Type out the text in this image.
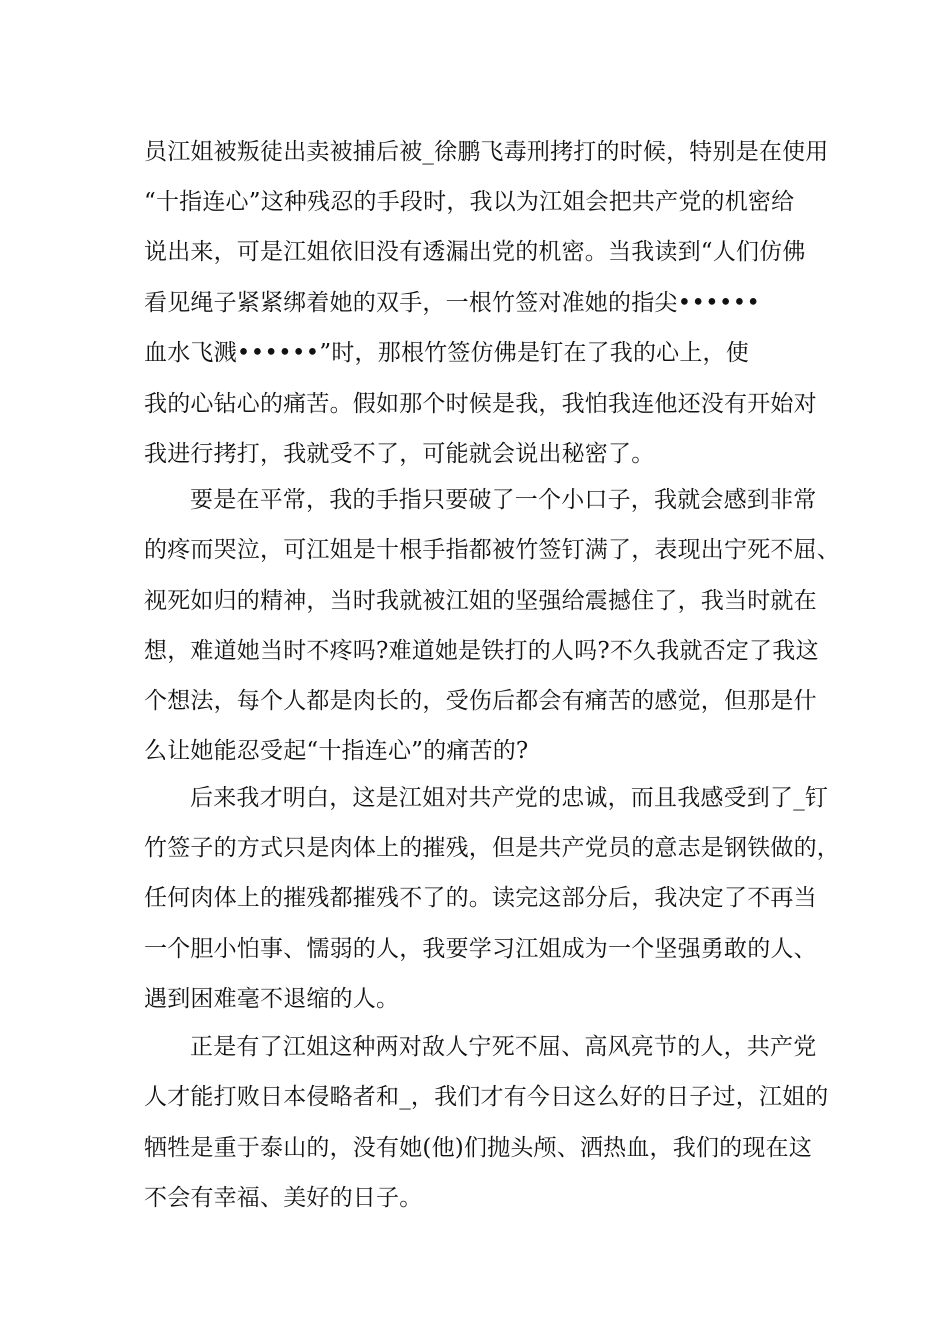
员江姐被叛徒出卖被捕后被_徐鹏飞毒刑拷打的时候，特别是在使用
“十指连心”这种残忍的手段时，我以为江姐会把共产党的机密给
说出来，可是江姐依旧没有透漏出党的机密。当我读到“人们仿佛
看见绳子紧紧绑着她的双手，一根竹签对准她的指尖••••••
血水飞溅••••••”时，那根竹签仿佛是钉在了我的心上，使
我的心钻心的痛苦。假如那个时候是我，我怕我连他还没有开始对
我进行拷打，我就受不了，可能就会说出秘密了。
要是在平常，我的手指只要破了一个小口子，我就会感到非常
的疼而哭泣，可江姐是十根手指都被竹签钉满了，表现出宁死不屈、
视死如归的精神，当时我就被江姐的坚强给震撼住了，我当时就在
想，难道她当时不疼吗?难道她是铁打的人吗?不久我就否定了我这
个想法，每个人都是肉长的，受伤后都会有痛苦的感觉，但那是什
么让她能忍受起“十指连心”的痛苦的?
后来我才明白，这是江姐对共产党的忠诚，而且我感受到了_钉
竹签子的方式只是肉体上的摧残，但是共产党员的意志是钢铁做的，
任何肉体上的摧残都摧残不了的。读完这部分后，我决定了不再当
一个胆小怕事、懦弱的人，我要学习江姐成为一个坚强勇敢的人、
遇到困难毫不退缩的人。
正是有了江姐这种两对敌人宁死不屈、高风亮节的人，共产党
人才能打败日本侵略者和_，我们才有今日这么好的日子过，江姐的
牺牲是重于泰山的，没有她(他)们抛头颅、洒热血，我们的现在这
不会有幸福、美好的日子。
